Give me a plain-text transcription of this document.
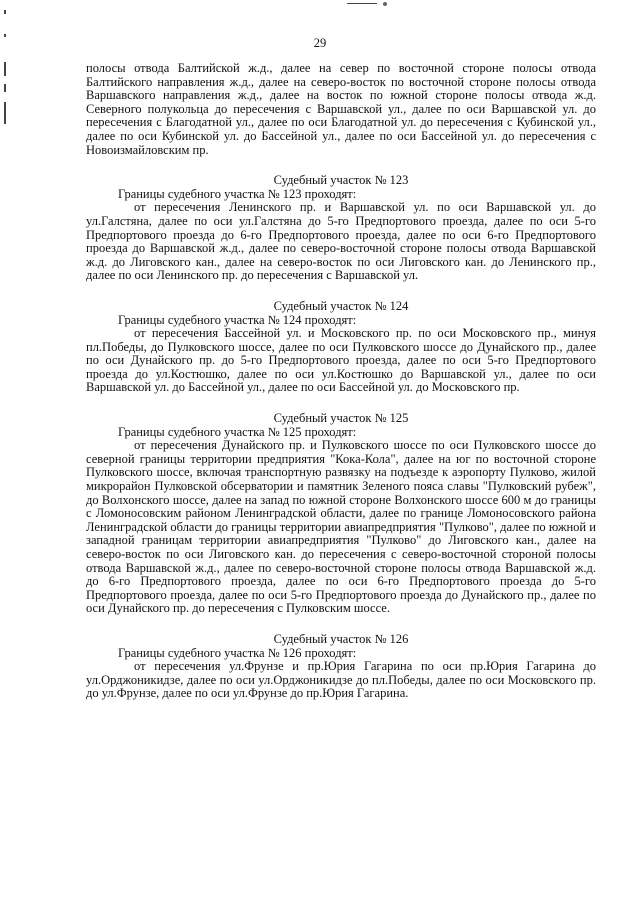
29

полосы отвода Балтийской ж.д., далее на север по восточной стороне полосы отвода Балтийского направления ж.д., далее на северо-восток по восточной стороне полосы отвода Варшавского направления ж.д., далее на восток по южной стороне полосы отвода ж.д. Северного полукольца до пересечения с Варшавской ул., далее по оси Варшавской ул. до пересечения с Благодатной ул., далее по оси Благодатной ул. до пересечения с Кубинской ул., далее по оси Кубинской ул. до Бассейной ул., далее по оси Бассейной ул. до пересечения с Новоизмайловским пр.

Судебный участок № 123

Границы судебного участка № 123 проходят:

от пересечения Ленинского пр. и Варшавской ул. по оси Варшавской ул. до ул.Галстяна, далее по оси ул.Галстяна до 5-го Предпортового проезда, далее по оси 5-го Предпортового проезда до 6-го Предпортового проезда, далее по оси 6-го Предпортового проезда до Варшавской ж.д., далее по северо-восточной стороне полосы отвода Варшавской ж.д. до Лиговского кан., далее на северо-восток по оси Лиговского кан. до Ленинского пр., далее по оси Ленинского пр. до пересечения с Варшавской ул.

Судебный участок № 124

Границы судебного участка № 124 проходят:

от пересечения Бассейной ул. и Московского пр. по оси Московского пр., минуя пл.Победы, до Пулковского шоссе, далее по оси Пулковского шоссе до Дунайского пр., далее по оси Дунайского пр. до 5-го Предпортового проезда, далее по оси 5-го Предпортового проезда до ул.Костюшко, далее по оси ул.Костюшко до Варшавской ул., далее по оси Варшавской ул. до Бассейной ул., далее по оси Бассейной ул. до Московского пр.

Судебный участок № 125

Границы судебного участка № 125 проходят:

от пересечения Дунайского пр. и Пулковского шоссе по оси Пулковского шоссе до северной границы территории предприятия "Кока-Кола", далее на юг по восточной стороне Пулковского шоссе, включая транспортную развязку на подъезде к аэропорту Пулково, жилой микрорайон Пулковской обсерватории и памятник Зеленого пояса славы "Пулковский рубеж", до Волхонского шоссе, далее на запад по южной стороне Волхонского шоссе 600 м до границы с Ломоносовским районом Ленинградской области, далее по границе Ломоносовского района Ленинградской области до границы территории авиапредприятия "Пулково", далее по южной и западной границам территории авиапредприятия "Пулково" до Лиговского кан., далее на северо-восток по оси Лиговского кан. до пересечения с северо-восточной стороной полосы отвода Варшавской ж.д., далее по северо-восточной стороне полосы отвода Варшавской ж.д. до 6-го Предпортового проезда, далее по оси 6-го Предпортового проезда до 5-го Предпортового проезда, далее по оси 5-го Предпортового проезда до Дунайского пр., далее по оси Дунайского пр. до пересечения с Пулковским шоссе.

Судебный участок № 126

Границы судебного участка № 126 проходят:

от пересечения ул.Фрунзе и пр.Юрия Гагарина по оси пр.Юрия Гагарина до ул.Орджоникидзе, далее по оси ул.Орджоникидзе до пл.Победы, далее по оси Московского пр. до ул.Фрунзе, далее по оси ул.Фрунзе до пр.Юрия Гагарина.
